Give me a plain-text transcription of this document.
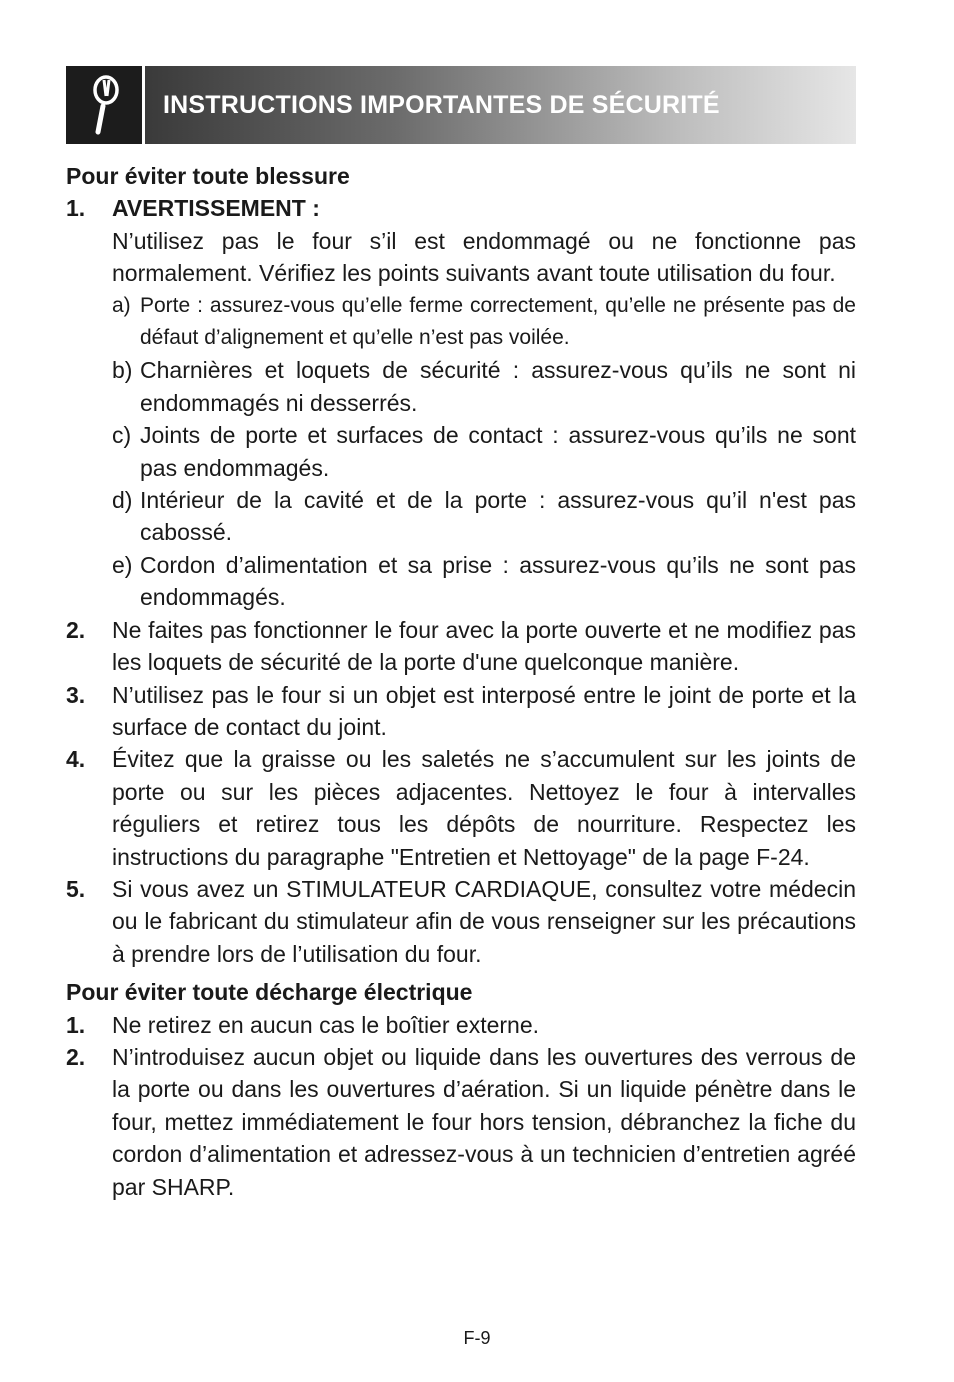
INSTRUCTIONS IMPORTANTES DE SÉCURITÉ

Pour éviter toute blessure

1.	AVERTISSEMENT :
N’utilisez pas le four s’il est endommagé ou ne fonctionne pas normalement. Vérifiez les points suivants avant toute utilisation du four.
a) Porte : assurez-vous qu’elle ferme correctement, qu’elle ne présente pas de défaut d’alignement et qu’elle n’est pas voilée.
b) Charnières et loquets de sécurité : assurez-vous qu’ils ne sont ni endommagés ni desserrés.
c) Joints de porte et surfaces de contact : assurez-vous qu’ils ne sont pas endommagés.
d) Intérieur de la cavité et de la porte : assurez-vous qu’il n'est pas cabossé.
e) Cordon d’alimentation et sa prise : assurez-vous qu’ils ne sont pas endommagés.
2.	Ne faites pas fonctionner le four avec la porte ouverte et ne modifiez pas les loquets de sécurité de la porte d'une quelconque manière.
3.	N’utilisez pas le four si un objet est interposé entre le joint de porte et la surface de contact du joint.
4.	Évitez que la graisse ou les saletés ne s’accumulent sur les joints de porte ou sur les pièces adjacentes. Nettoyez le four à intervalles réguliers et retirez tous les dépôts de nourriture. Respectez les instructions du paragraphe "Entretien et Nettoyage" de la page F-24.
5.	Si vous avez un STIMULATEUR CARDIAQUE, consultez votre médecin ou le fabricant du stimulateur afin de vous renseigner sur les précautions à prendre lors de l’utilisation du four.

Pour éviter toute décharge électrique

1.	Ne retirez en aucun cas le boîtier externe.
2.	N’introduisez aucun objet ou liquide dans les ouvertures des verrous de la porte ou dans les ouvertures d’aération. Si un liquide pénètre dans le four, mettez immédiatement le four hors tension, débranchez la fiche du cordon d’alimentation et adressez-vous à un technicien d’entretien agréé par SHARP.
F-9
